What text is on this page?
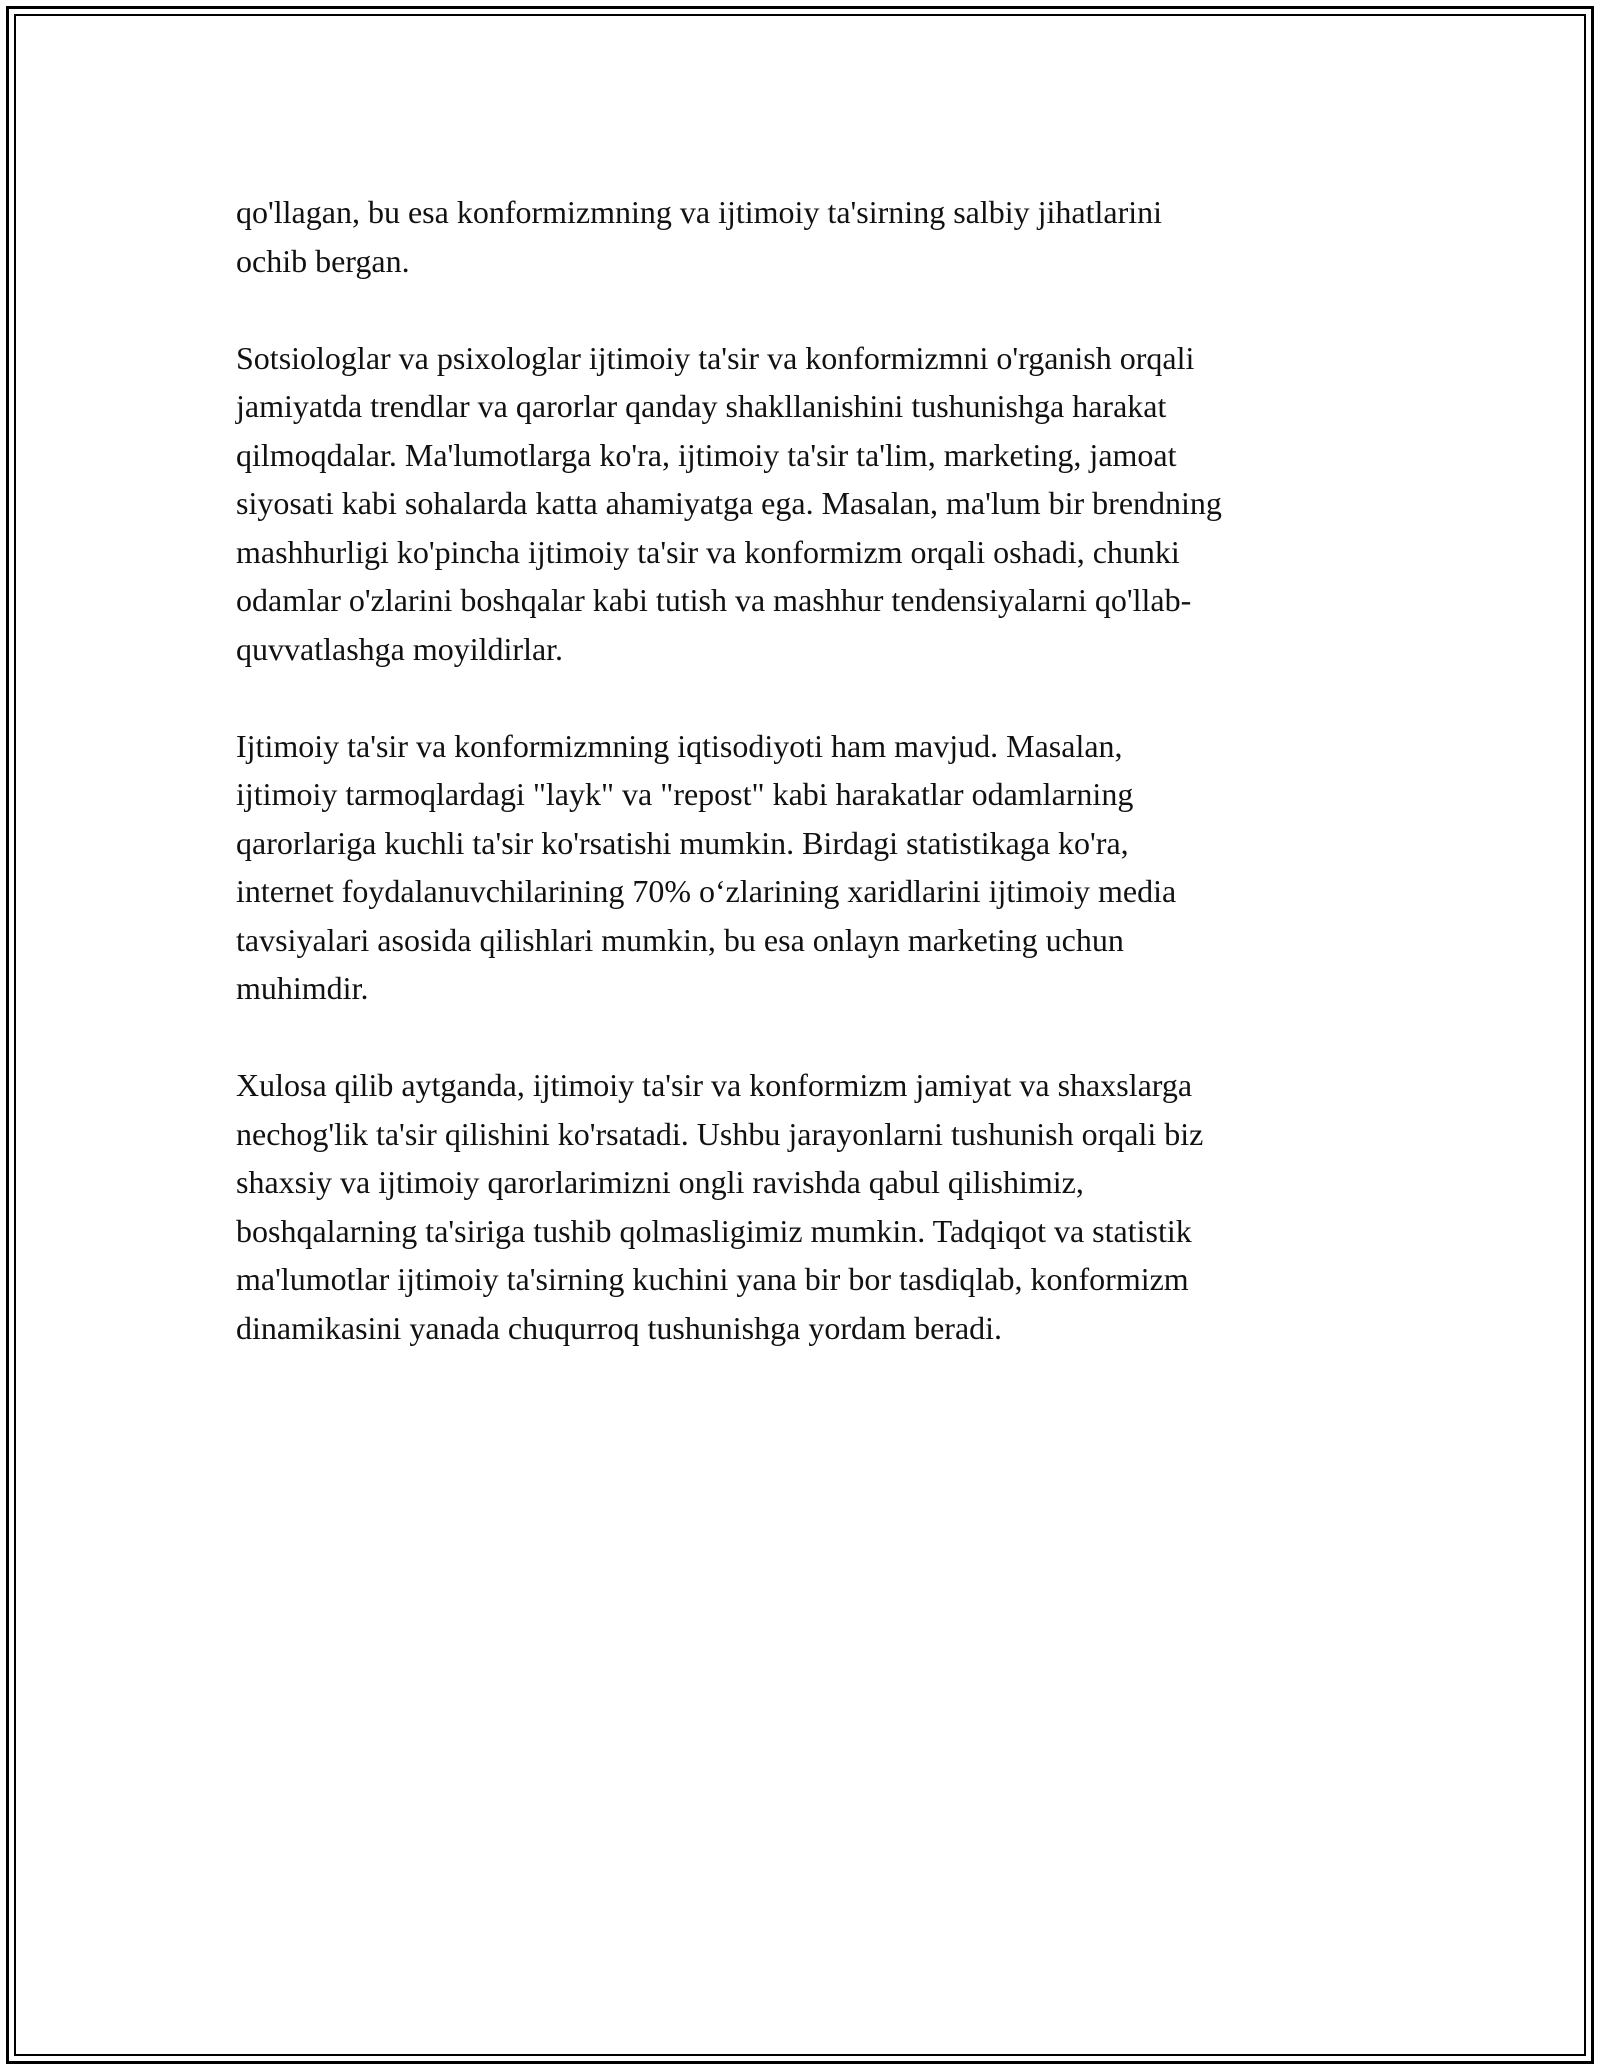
qo'llagan, bu esa konformizmning va ijtimoiy ta'sirning salbiy jihatlarini
ochib bergan.

Sotsiologlar va psixologlar ijtimoiy ta'sir va konformizmni o'rganish orqali
jamiyatda trendlar va qarorlar qanday shakllanishini tushunishga harakat
qilmoqdalar. Ma'lumotlarga ko'ra, ijtimoiy ta'sir ta'lim, marketing, jamoat
siyosati kabi sohalarda katta ahamiyatga ega. Masalan, ma'lum bir brendning
mashhurligi ko'pincha ijtimoiy ta'sir va konformizm orqali oshadi, chunki
odamlar o'zlarini boshqalar kabi tutish va mashhur tendensiyalarni qo'llab-
quvvatlashga moyildirlar.

Ijtimoiy ta'sir va konformizmning iqtisodiyoti ham mavjud. Masalan,
ijtimoiy tarmoqlardagi "layk" va "repost" kabi harakatlar odamlarning
qarorlariga kuchli ta'sir ko'rsatishi mumkin. Birdagi statistikaga ko'ra,
internet foydalanuvchilarining 70% o‘zlarining xaridlarini ijtimoiy media
tavsiyalari asosida qilishlari mumkin, bu esa onlayn marketing uchun
muhimdir.

Xulosa qilib aytganda, ijtimoiy ta'sir va konformizm jamiyat va shaxslarga
nechog'lik ta'sir qilishini ko'rsatadi. Ushbu jarayonlarni tushunish orqali biz
shaxsiy va ijtimoiy qarorlarimizni ongli ravishda qabul qilishimiz,
boshqalarning ta'siriga tushib qolmasligimiz mumkin. Tadqiqot va statistik
ma'lumotlar ijtimoiy ta'sirning kuchini yana bir bor tasdiqlab, konformizm
dinamikasini yanada chuqurroq tushunishga yordam beradi.
